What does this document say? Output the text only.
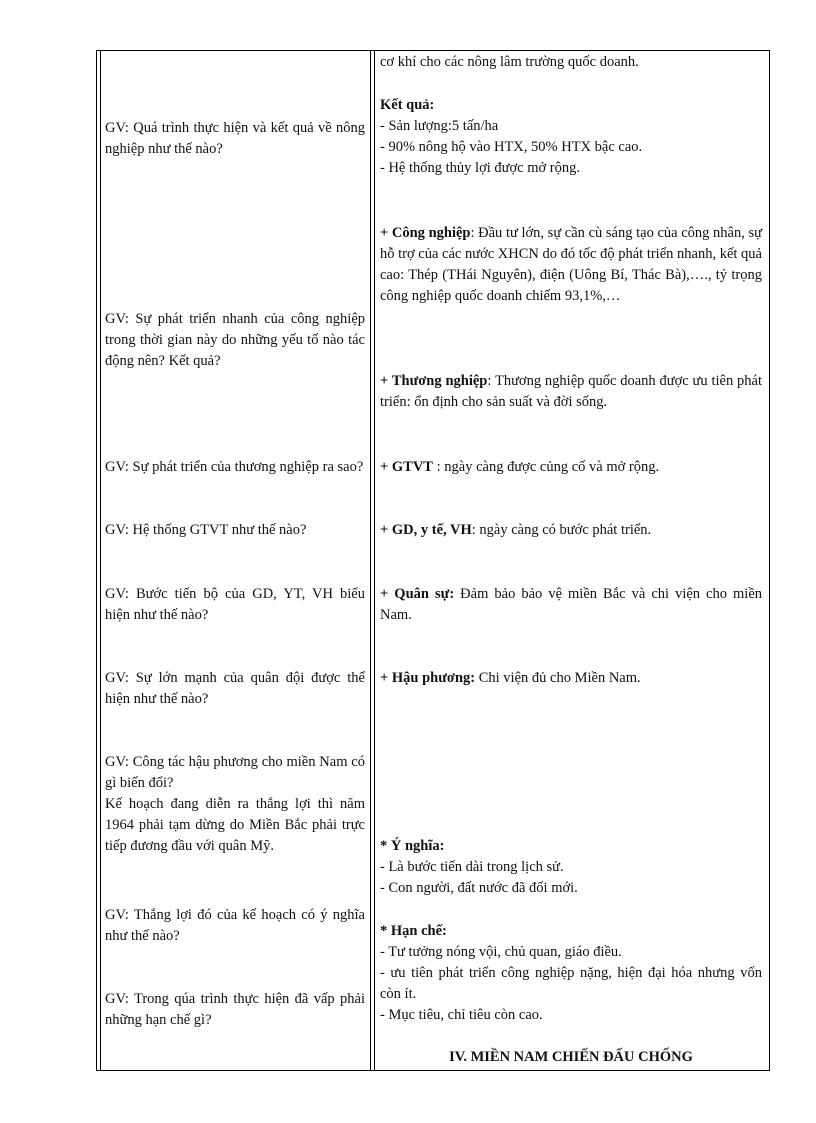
GV: Quá trình thực hiện và kết quả về nông nghiệp như thế nào?
GV: Sự phát triển nhanh của công nghiệp trong thời gian này do những yếu tố nào tác động nên? Kết quả?
GV: Sự phát triển của thương nghiệp ra sao?
GV: Hệ thống GTVT như thế nào?
GV: Bước tiến bộ của GD, YT, VH biểu hiện như thế nào?
GV: Sự lớn mạnh của quân đội được thể hiện như thế nào?
GV: Công tác hậu phương cho miền Nam có gì biến đổi?
Kế hoạch đang diễn ra thắng lợi thì năm 1964 phải tạm dừng do Miền Bắc phải trực tiếp đương đầu với quân Mỹ.
GV: Thắng lợi đó của kế hoạch có ý nghĩa như thế nào?
GV: Trong qúa trình thực hiện đã vấp phải những hạn chế gì?
cơ khí cho các nông lâm trường quốc doanh.
Kết quả:
- Sản lượng:5 tấn/ha
- 90% nông hộ vào HTX, 50% HTX bậc cao.
- Hệ thống thủy lợi được mở rộng.
+ Công nghiệp: Đầu tư lớn, sự cần cù sáng tạo của công nhân, sự hỗ trợ của các nước XHCN do đó tốc độ phát triển nhanh, kết quả cao: Thép (THái Nguyên), điện (Uông Bí, Thác Bà),…., tỷ trọng công nghiệp quốc doanh chiếm 93,1%,…
+ Thương nghiệp: Thương nghiệp quốc doanh được ưu tiên phát triển: ổn định cho sản suất và đời sống.
+ GTVT : ngày càng được củng cố và mở rộng.
+ GD, y tế, VH: ngày càng có bước phát triển.
+ Quân sự: Đảm bảo bảo vệ miền Bắc và chi viện cho miền Nam.
+ Hậu phương: Chi viện đủ cho Miền Nam.
* Ý nghĩa:
- Là bước tiến dài trong lịch sử.
- Con người, đất nước đã đổi mới.
* Hạn chế:
- Tư tưởng nóng vội, chủ quan, giáo điều.
- ưu tiên phát triển công nghiệp nặng, hiện đại hóa nhưng vốn còn ít.
- Mục tiêu, chỉ tiêu còn cao.
IV. MIỀN NAM CHIẾN ĐẤU CHỐNG
